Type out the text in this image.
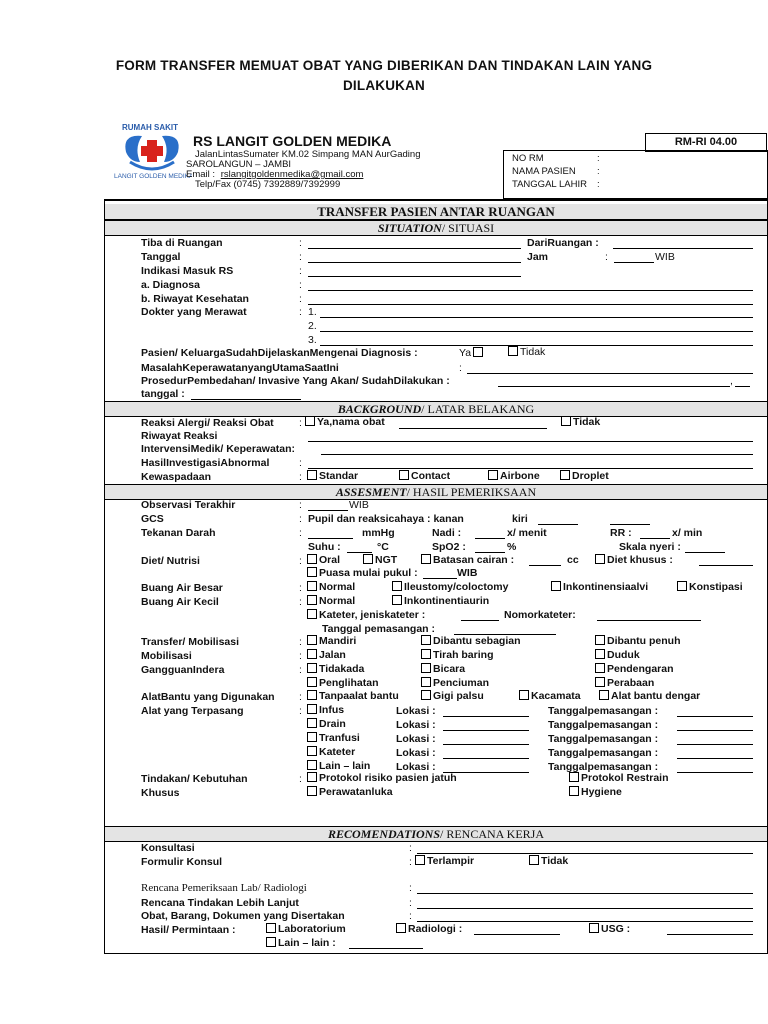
FORM TRANSFER MEMUAT OBAT YANG DIBERIKAN DAN TINDAKAN LAIN YANG
DILAKUKAN
RUMAH SAKIT
LANGIT GOLDEN MEDIKA
RS LANGIT GOLDEN MEDIKA
JalanLintasSumater KM.02 Simpang MAN AurGading
SAROLANGUN – JAMBI
Email : rslangitgoldenmedika@gmail.com
Telp/Fax (0745) 7392889/7392999
RM-RI 04.00
NO RM	:
NAMA PASIEN :
TANGGAL LAHIR :
TRANSFER PASIEN ANTAR RUANGAN
SITUATION/ SITUASI
Tiba di Ruangan	:	DariRuangan :
Tanggal	:	Jam	:	WIB
Indikasi Masuk RS	:
a. Diagnosa	:
b. Riwayat Kesehatan	:
Dokter yang Merawat	: 1.
2.
3.
Pasien/ KeluargaSudahDijelaskanMengenai Diagnosis :	Ya	Tidak
MasalahKeperawatanyangUtamaSaatIni	:
ProsedurPembedahan/ Invasive Yang Akan/ SudahDilakukan :	,
tanggal :
BACKGROUND/ LATAR BELAKANG
Reaksi Alergi/ Reaksi Obat :	Ya,nama obat	Tidak
Riwayat Reaksi
IntervensiMedik/ Keperawatan:
HasilInvestigasiAbnormal	:
Kewaspadaan	:	Standar	Contact	Airbone	Droplet
ASSESMENT/ HASIL PEMERIKSAAN
Observasi Terakhir	:	WIB
GCS	: Pupil dan reaksicahaya : kanan	kiri
Tekanan Darah	:	mmHg	Nadi :	x/ menit	RR :	x/ min
Suhu :	°C	SpO2 :	%	Skala nyeri :
Diet/ Nutrisi	:	Oral	NGT	Batasan cairan :	cc	Diet khusus :
Puasa mulai pukul :	WIB
Buang Air Besar	:	Normal	Ileustomy/coloctomy	Inkontinensiaalvi	Konstipasi
Buang Air Kecil	:	Normal	Inkontinentiaurin
Kateter, jeniskateter :	Nomorkateter:
Tanggal pemasangan :
Transfer/ Mobilisasi	:	Mandiri	Dibantu sebagian	Dibantu penuh
Mobilisasi	:	Jalan	Tirah baring	Duduk
GangguanIndera	:	Tidakada	Bicara	Pendengaran
Penglihatan	Penciuman	Perabaan
AlatBantu yang Digunakan :	Tanpaalat bantu	Gigi palsu	Kacamata	Alat bantu dengar
Alat yang Terpasang	:	Infus	Lokasi :	Tanggalpemasangan :
Drain	Lokasi :	Tanggalpemasangan :
Tranfusi	Lokasi :	Tanggalpemasangan :
Kateter	Lokasi :	Tanggalpemasangan :
Lain – lain Lokasi :	Tanggalpemasangan :
Tindakan/ Kebutuhan	:	Protokol risiko pasien jatuh	Protokol Restrain
Khusus	Perawatanluka	Hygiene
RECOMENDATIONS/ RENCANA KERJA
Konsultasi	:
Formulir Konsul	:	Terlampir	Tidak
Rencana Pemeriksaan Lab/ Radiologi	:
Rencana Tindakan Lebih Lanjut	:
Obat, Barang, Dokumen yang Disertakan	:
Hasil/ Permintaan :	Laboratorium	Radiologi :	USG :
Lain – lain :
